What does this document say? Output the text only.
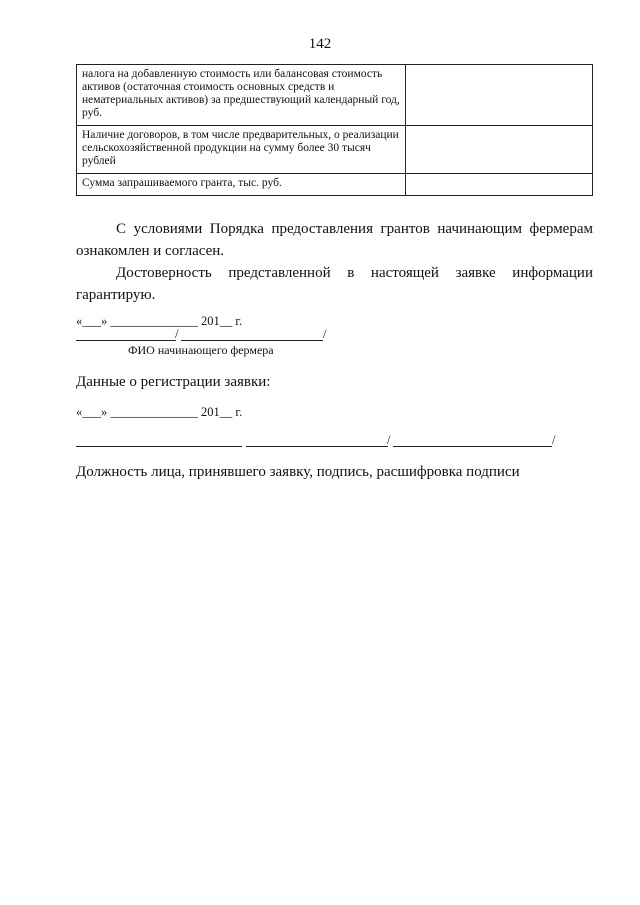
142
налога на добавленную стоимость или балансовая стоимость активов (остаточная стоимость основных средств и нематериальных активов) за предшествующий календарный год, руб.	
Наличие договоров, в том числе предварительных, о реализации сельскохозяйственной продукции на сумму более 30 тысяч рублей	
Сумма запрашиваемого гранта, тыс. руб.	
С условиями Порядка предоставления грантов начинающим фермерам ознакомлен и согласен.
Достоверность представленной в настоящей заявке информации гарантирую.
«___» ______________ 201__ г.
/	/
ФИО начинающего фермера
Данные о регистрации заявки:
«___» ______________ 201__ г.
/	/
Должность лица, принявшего заявку, подпись, расшифровка подписи
